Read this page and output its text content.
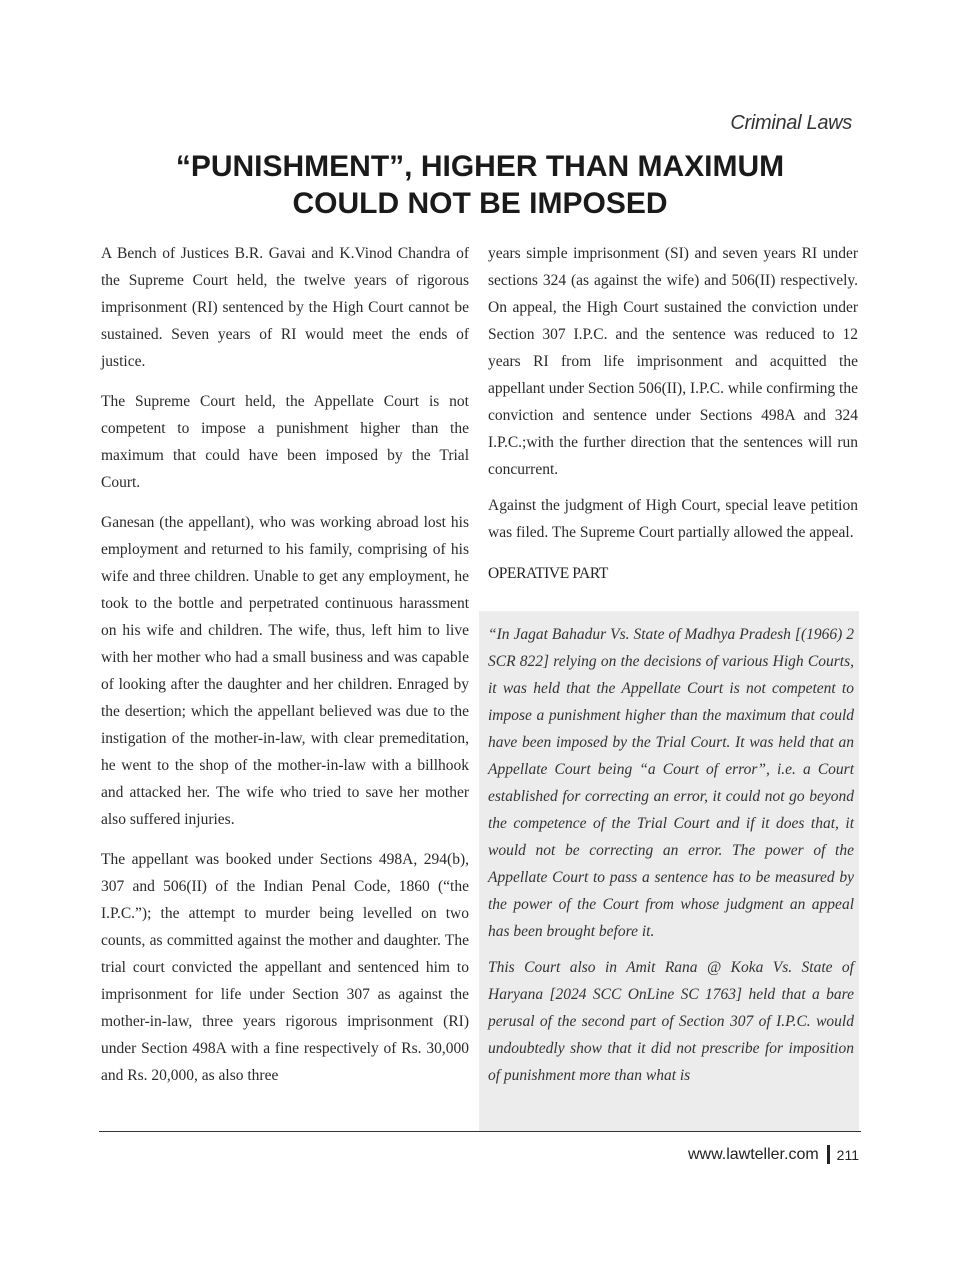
Criminal Laws
“PUNISHMENT”, HIGHER THAN MAXIMUM
COULD NOT BE IMPOSED

A Bench of Justices B.R. Gavai and K.Vinod Chandra of the Supreme Court held, the twelve years of rigorous imprisonment (RI) sentenced by the High Court cannot be sustained. Seven years of RI would meet the ends of justice.

The Supreme Court held, the Appellate Court is not competent to impose a punishment higher than the maximum that could have been imposed by the Trial Court.

Ganesan (the appellant), who was working abroad lost his employment and returned to his family, comprising of his wife and three children. Unable to get any employment, he took to the bottle and perpetrated continuous harassment on his wife and children. The wife, thus, left him to live with her mother who had a small business and was capable of looking after the daughter and her children. Enraged by the desertion; which the appellant believed was due to the instigation of the mother-in-law, with clear premeditation, he went to the shop of the mother-in-law with a billhook and attacked her. The wife who tried to save her mother also suffered injuries.

The appellant was booked under Sections 498A, 294(b), 307 and 506(II) of the Indian Penal Code, 1860 (“the I.P.C.”); the attempt to murder being levelled on two counts, as committed against the mother and daughter. The trial court convicted the appellant and sentenced him to imprisonment for life under Section 307 as against the mother-in-law, three years rigorous imprisonment (RI) under Section 498A with a fine respectively of Rs. 30,000 and Rs. 20,000, as also three

years simple imprisonment (SI) and seven years RI under sections 324 (as against the wife) and 506(II) respectively. On appeal, the High Court sustained the conviction under Section 307 I.P.C. and the sentence was reduced to 12 years RI from life imprisonment and acquitted the appellant under Section 506(II), I.P.C. while confirming the conviction and sentence under Sections 498A and 324 I.P.C.;with the further direction that the sentences will run concurrent.

Against the judgment of High Court, special leave petition was filed. The Supreme Court partially allowed the appeal.

OPERATIVE PART

“In Jagat Bahadur Vs. State of Madhya Pradesh [(1966) 2 SCR 822] relying on the decisions of various High Courts, it was held that the Appellate Court is not competent to impose a punishment higher than the maximum that could have been imposed by the Trial Court. It was held that an Appellate Court being “a Court of error”, i.e. a Court established for correcting an error, it could not go beyond the competence of the Trial Court and if it does that, it would not be correcting an error. The power of the Appellate Court to pass a sentence has to be measured by the power of the Court from whose judgment an appeal has been brought before it.

This Court also in Amit Rana @ Koka Vs. State of Haryana [2024 SCC OnLine SC 1763] held that a bare perusal of the second part of Section 307 of I.P.C. would undoubtedly show that it did not prescribe for imposition of punishment more than what is

www.lawteller.com 211
